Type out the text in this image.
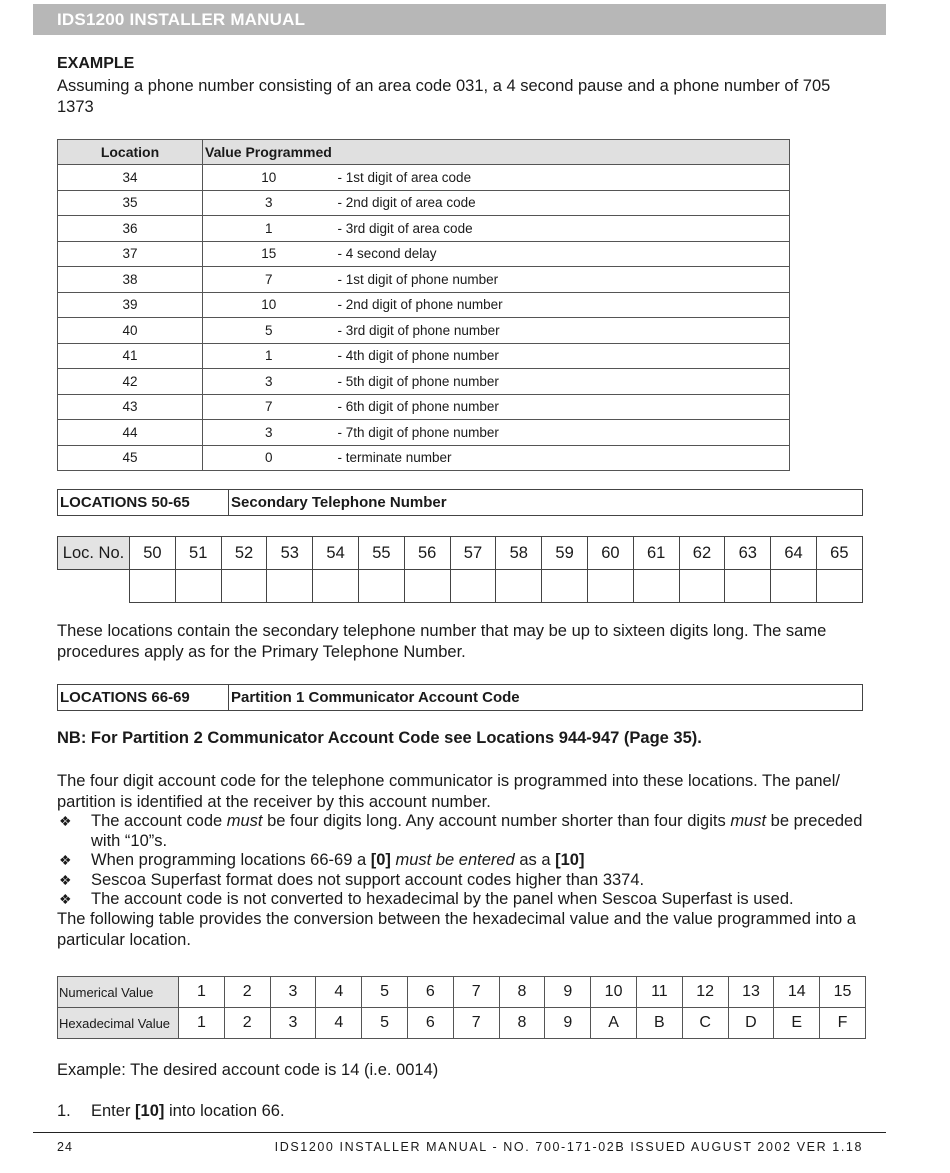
IDS1200 INSTALLER MANUAL
EXAMPLE
Assuming a phone number consisting of an area code 031, a 4 second pause and a phone number of 705 1373
Location	Value Programmed	
34	10	- 1st digit of area code
35	3	- 2nd digit of area code
36	1	- 3rd digit of area code
37	15	- 4 second delay
38	7	- 1st digit of phone number
39	10	- 2nd digit of phone number
40	5	- 3rd digit of phone number
41	1	- 4th digit of phone number
42	3	- 5th digit of phone number
43	7	- 6th digit of phone number
44	3	- 7th digit of phone number
45	0	- terminate number
LOCATIONS 50-65	Secondary Telephone Number
Loc. No.	50	51	52	53	54	55	56	57	58	59	60	61	62	63	64	65

These locations contain the secondary telephone number that may be up to sixteen digits long. The same procedures apply as for the Primary Telephone Number.
LOCATIONS 66-69	Partition 1 Communicator Account Code
NB: For Partition 2 Communicator Account Code see Locations 944-947 (Page 35).
The four digit account code for the telephone communicator is programmed into these locations. The panel/ partition is identified at the receiver by this account number.
❖ The account code must be four digits long. Any account number shorter than four digits must be preceded with “10”s.
❖ When programming locations 66-69 a [0] must be entered as a [10]
❖ Sescoa Superfast format does not support account codes higher than 3374.
❖ The account code is not converted to hexadecimal by the panel when Sescoa Superfast is used.
The following table provides the conversion between the hexadecimal value and the value programmed into a particular location.
Numerical Value	1	2	3	4	5	6	7	8	9	10	11	12	13	14	15
Hexadecimal Value	1	2	3	4	5	6	7	8	9	A	B	C	D	E	F
Example: The desired account code is 14 (i.e. 0014)
1. Enter [10] into location 66.
24	IDS1200 INSTALLER MANUAL - NO. 700-171-02B ISSUED AUGUST 2002 VER 1.18
